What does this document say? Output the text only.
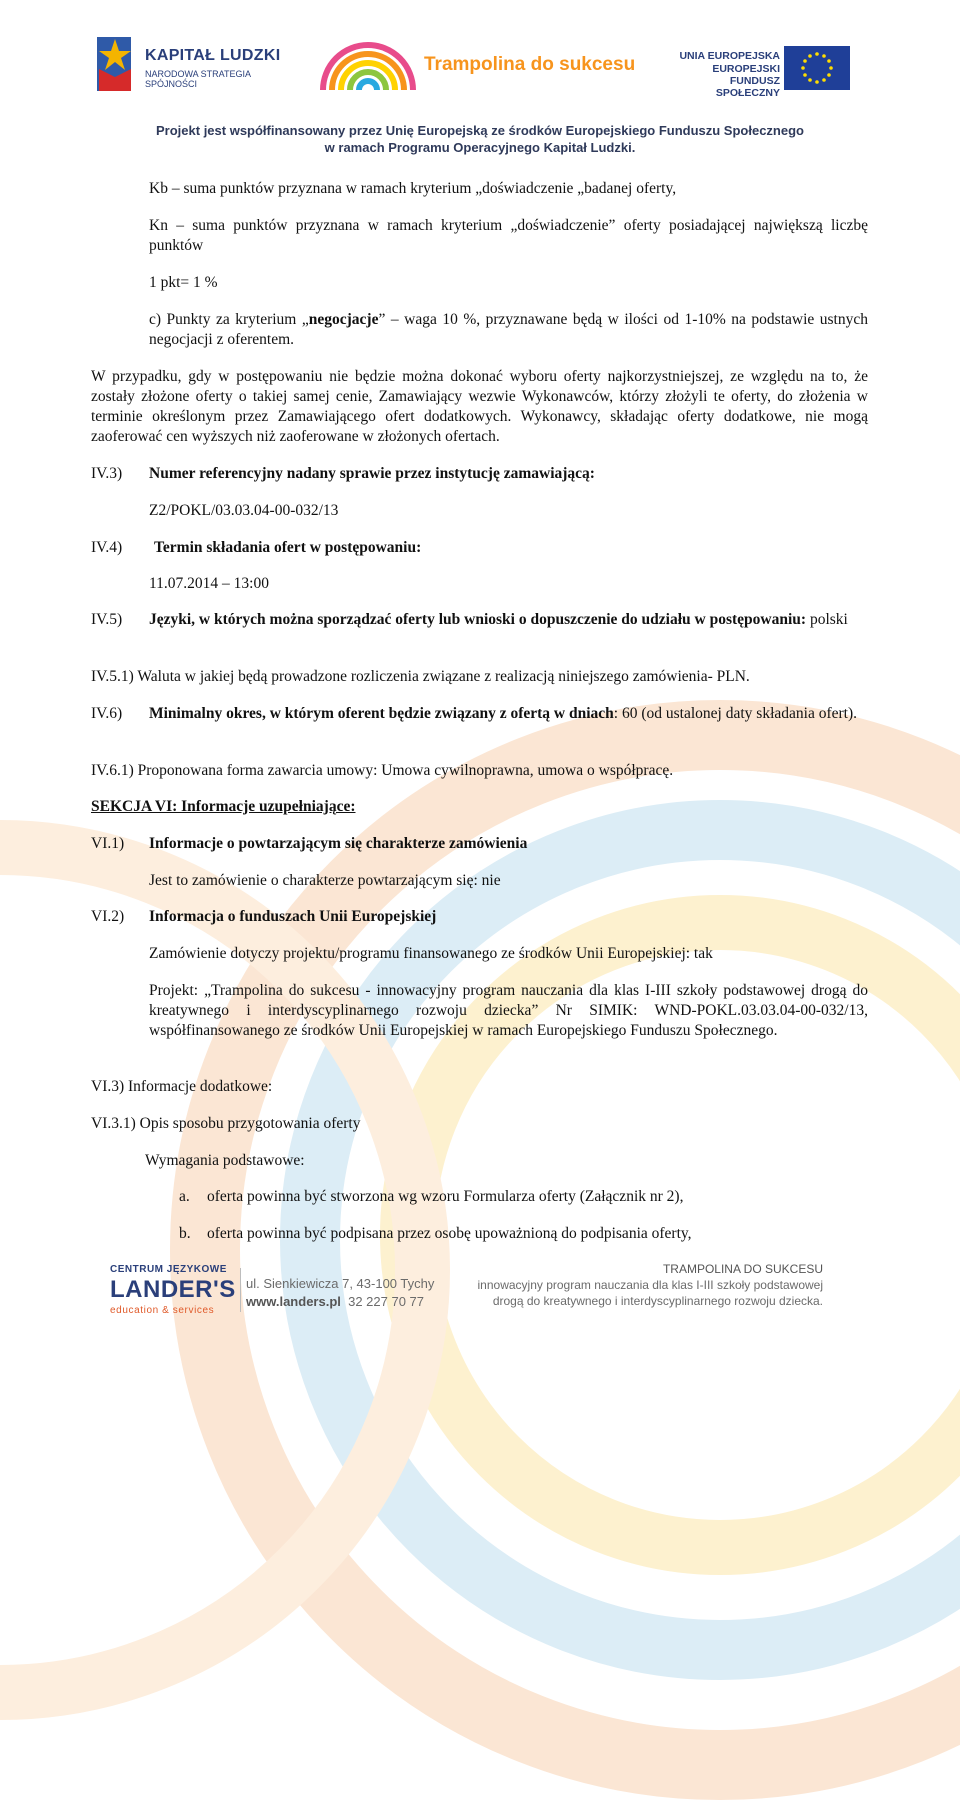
KAPITAŁ LUDZKI
NARODOWA STRATEGIA SPÓJNOŚCI
Trampolina do sukcesu	UNIA EUROPEJSKA
EUROPEJSKI
FUNDUSZ SPOŁECZNY
Projekt jest współfinansowany przez Unię Europejską ze środków Europejskiego Funduszu Społecznego
w ramach Programu Operacyjnego Kapitał Ludzki.
Kb – suma punktów przyznana w ramach kryterium „doświadczenie „badanej oferty,
Kn – suma punktów przyznana w ramach kryterium „doświadczenie” oferty posiadającej największą liczbę punktów
1 pkt= 1 %
c) Punkty za kryterium „negocjacje” – waga 10 %, przyznawane będą w ilości od 1-10% na podstawie ustnych negocjacji z oferentem.
W przypadku, gdy w postępowaniu nie będzie można dokonać wyboru oferty najkorzystniejszej, ze względu na to, że zostały złożone oferty o takiej samej cenie, Zamawiający wezwie Wykonawców, którzy złożyli te oferty, do złożenia w terminie określonym przez Zamawiającego ofert dodatkowych. Wykonawcy, składając oferty dodatkowe, nie mogą zaoferować cen wyższych niż zaoferowane w złożonych ofertach.
IV.3) Numer referencyjny nadany sprawie przez instytucję zamawiającą:
Z2/POKL/03.03.04-00-032/13
IV.4) Termin składania ofert w postępowaniu:
11.07.2014 – 13:00
IV.5) Języki, w których można sporządzać oferty lub wnioski o dopuszczenie do udziału w postępowaniu: polski
IV.5.1) Waluta w jakiej będą prowadzone rozliczenia związane z realizacją niniejszego zamówienia- PLN.
IV.6) Minimalny okres, w którym oferent będzie związany z ofertą w dniach: 60 (od ustalonej daty składania ofert).
IV.6.1) Proponowana forma zawarcia umowy: Umowa cywilnoprawna, umowa o współpracę.
SEKCJA VI: Informacje uzupełniające:
VI.1) Informacje o powtarzającym się charakterze zamówienia
Jest to zamówienie o charakterze powtarzającym się: nie
VI.2) Informacja o funduszach Unii Europejskiej
Zamówienie dotyczy projektu/programu finansowanego ze środków Unii Europejskiej: tak
Projekt: „Trampolina do sukcesu - innowacyjny program nauczania dla klas I-III szkoły podstawowej drogą do kreatywnego i interdyscyplinarnego rozwoju dziecka” Nr SIMIK: WND-POKL.03.03.04-00-032/13, współfinansowanego ze środków Unii Europejskiej w ramach Europejskiego Funduszu Społecznego.
VI.3) Informacje dodatkowe:
VI.3.1) Opis sposobu przygotowania oferty
Wymagania podstawowe:
a. oferta powinna być stworzona wg wzoru Formularza oferty (Załącznik nr 2),
b. oferta powinna być podpisana przez osobę upoważnioną do podpisania oferty,
CENTRUM JĘZYKOWE
LANDER'S
education & services
ul. Sienkiewicza 7, 43-100 Tychy
www.landers.pl 32 227 70 77
TRAMPOLINA DO SUKCESU
innowacyjny program nauczania dla klas I-III szkoły podstawowej
drogą do kreatywnego i interdyscyplinarnego rozwoju dziecka.
